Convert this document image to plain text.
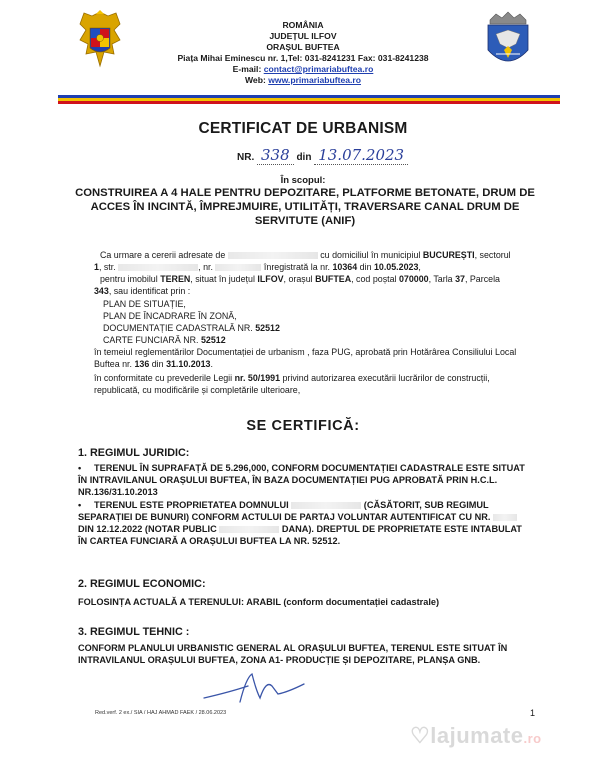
ROMÂNIA
JUDEȚUL ILFOV
ORAȘUL BUFTEA
Piața Mihai Eminescu nr. 1,Tel: 031-8241231 Fax: 031-8241238
E-mail: contact@primariabuftea.ro
Web: www.primariabuftea.ro
CERTIFICAT DE URBANISM
NR. 338 din 13.07.2023
În scopul:
CONSTRUIREA A 4 HALE PENTRU DEPOZITARE, PLATFORME BETONATE, DRUM DE ACCES ÎN INCINTĂ, ÎMPREJMUIRE, UTILITĂȚI, TRAVERSARE CANAL DRUM DE SERVITUTE (ANIF)
Ca urmare a cererii adresate de	cu domiciliul în municipiul BUCUREȘTI, sectorul
1, str.	, nr.	înregistrată la nr. 10364 din 10.05.2023,
pentru imobilul TEREN, situat în județul ILFOV, orașul BUFTEA, cod poștal 070000, Tarla 37, Parcela
343, sau identificat prin :
PLAN DE SITUAȚIE,
PLAN DE ÎNCADRARE ÎN ZONĂ,
DOCUMENTAȚIE CADASTRALĂ NR. 52512
CARTE FUNCIARĂ NR. 52512
în temeiul reglementărilor Documentației de urbanism , faza PUG, aprobată prin Hotărârea Consiliului Local
Buftea nr. 136 din 31.10.2013.
în conformitate cu prevederile Legii nr. 50/1991 privind autorizarea executării lucrărilor de construcții,
republicată, cu modificările și completările ulterioare,
SE CERTIFICĂ:
1. REGIMUL JURIDIC:
• TERENUL ÎN SUPRAFAȚĂ DE 5.296,000, CONFORM DOCUMENTAȚIEI CADASTRALE ESTE SITUAT ÎN INTRAVILANUL ORAȘULUI BUFTEA, ÎN BAZA DOCUMENTAȚIEI PUG APROBATĂ PRIN H.C.L. NR.136/31.10.2013
• TERENUL ESTE PROPRIETATEA DOMNULUI	(CĂSĂTORIT, SUB REGIMUL SEPARAȚIEI DE BUNURI) CONFORM ACTULUI DE PARTAJ VOLUNTAR AUTENTIFICAT CU NR.  DIN 12.12.2022 (NOTAR PUBLIC	DANA). DREPTUL DE PROPRIETATE ESTE INTABULAT ÎN CARTEA FUNCIARĂ A ORAȘULUI BUFTEA LA NR. 52512.
2. REGIMUL ECONOMIC:
FOLOSINȚA ACTUALĂ A TERENULUI: ARABIL (conform documentației cadastrale)
3. REGIMUL TEHNIC :
CONFORM PLANULUI URBANISTIC GENERAL AL ORAȘULUI BUFTEA, TERENUL ESTE SITUAT ÎN INTRAVILANUL ORAȘULUI BUFTEA, ZONA A1- PRODUCȚIE ȘI DEPOZITARE, PLANȘA GNB.
Red.verf. 2 ex./ SIA / HAJ AHMAD FAEK / 28.06.2023	1
♡lajumate.ro
